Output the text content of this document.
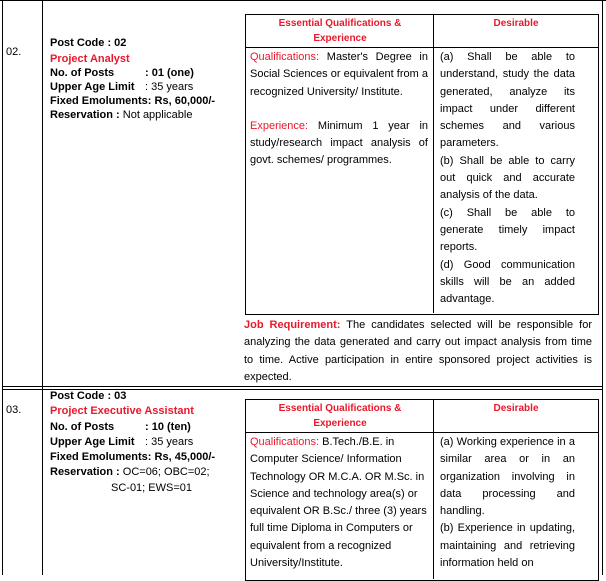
02.
Post Code : 02
Project Analyst
No. of Posts	: 01 (one)
Upper Age Limit : 35 years
Fixed Emoluments:
Rs, 60,000/-
Reservation :
Not applicable
Essential Qualifications & Experience
Desirable
Qualifications: Master's Degree in Social Sciences or equivalent from a recognized University/ Institute.
Experience: Minimum 1 year in study/research impact analysis of govt. schemes/ programmes.
(a) Shall be able to understand, study the data generated, analyze its impact under different schemes and various parameters.
(b) Shall be able to carry out quick and accurate analysis of the data.
(c) Shall be able to generate timely impact reports.
(d) Good communication skills will be an added advantage.
Job Requirement: The candidates selected will be responsible for analyzing the data generated and carry out impact analysis from time to time. Active participation in entire sponsored project activities is expected.
03.
Post Code : 03
Project Executive Assistant
No. of Posts	: 10 (ten)
Upper Age Limit : 35 years
Fixed Emoluments:
Rs, 45,000/-
Reservation :
OC=06; OBC=02;
SC-01; EWS=01
Essential Qualifications & Experience
Desirable
Qualifications: B.Tech./B.E. in Computer Science/ Information Technology OR M.C.A. OR M.Sc. in Science and technology area(s) or equivalent OR B.Sc./ three (3) years full time Diploma in Computers or equivalent from a recognized University/Institute.
(a) Working experience in a similar area or in an organization involving in data processing and handling.
(b) Experience in updating, maintaining and retrieving information held on
